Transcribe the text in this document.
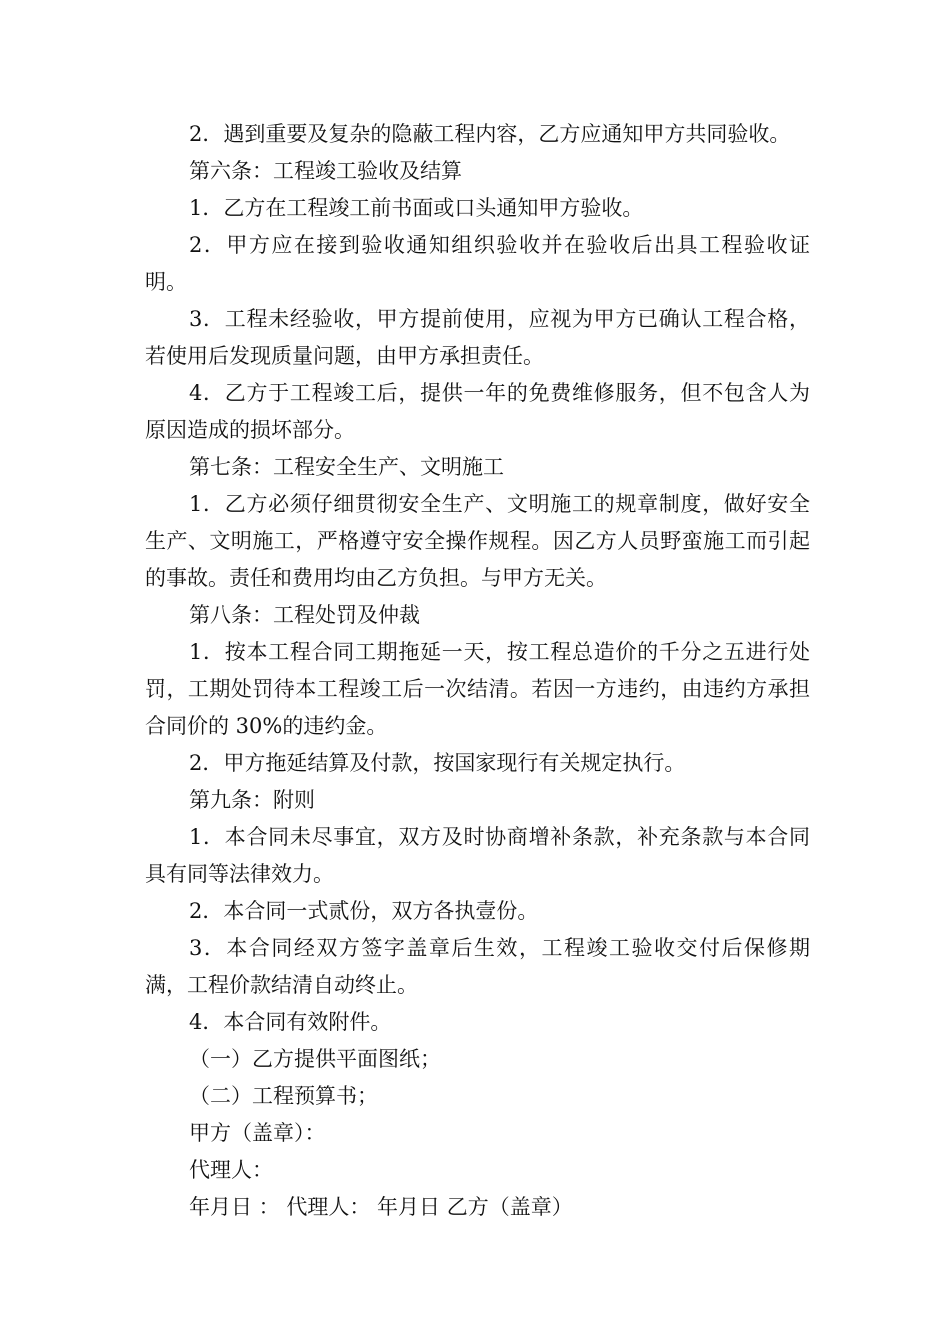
2．遇到重要及复杂的隐蔽工程内容，乙方应通知甲方共同验收。

第六条：工程竣工验收及结算

1．乙方在工程竣工前书面或口头通知甲方验收。

2．甲方应在接到验收通知组织验收并在验收后出具工程验收证明。

3．工程未经验收，甲方提前使用，应视为甲方已确认工程合格，若使用后发现质量问题，由甲方承担责任。

4．乙方于工程竣工后，提供一年的免费维修服务，但不包含人为原因造成的损坏部分。

第七条：工程安全生产、文明施工

1．乙方必须仔细贯彻安全生产、文明施工的规章制度，做好安全生产、文明施工，严格遵守安全操作规程。因乙方人员野蛮施工而引起的事故。责任和费用均由乙方负担。与甲方无关。

第八条：工程处罚及仲裁

1．按本工程合同工期拖延一天，按工程总造价的千分之五进行处罚，工期处罚待本工程竣工后一次结清。若因一方违约，由违约方承担合同价的 30%的违约金。

2．甲方拖延结算及付款，按国家现行有关规定执行。

第九条：附则

1．本合同未尽事宜，双方及时协商增补条款，补充条款与本合同具有同等法律效力。

2．本合同一式贰份，双方各执壹份。

3．本合同经双方签字盖章后生效，工程竣工验收交付后保修期满，工程价款结清自动终止。

4．本合同有效附件。

（一）乙方提供平面图纸；

（二）工程预算书；

甲方（盖章）：

代理人：

年月日 ： 代理人： 年月日 乙方（盖章）
